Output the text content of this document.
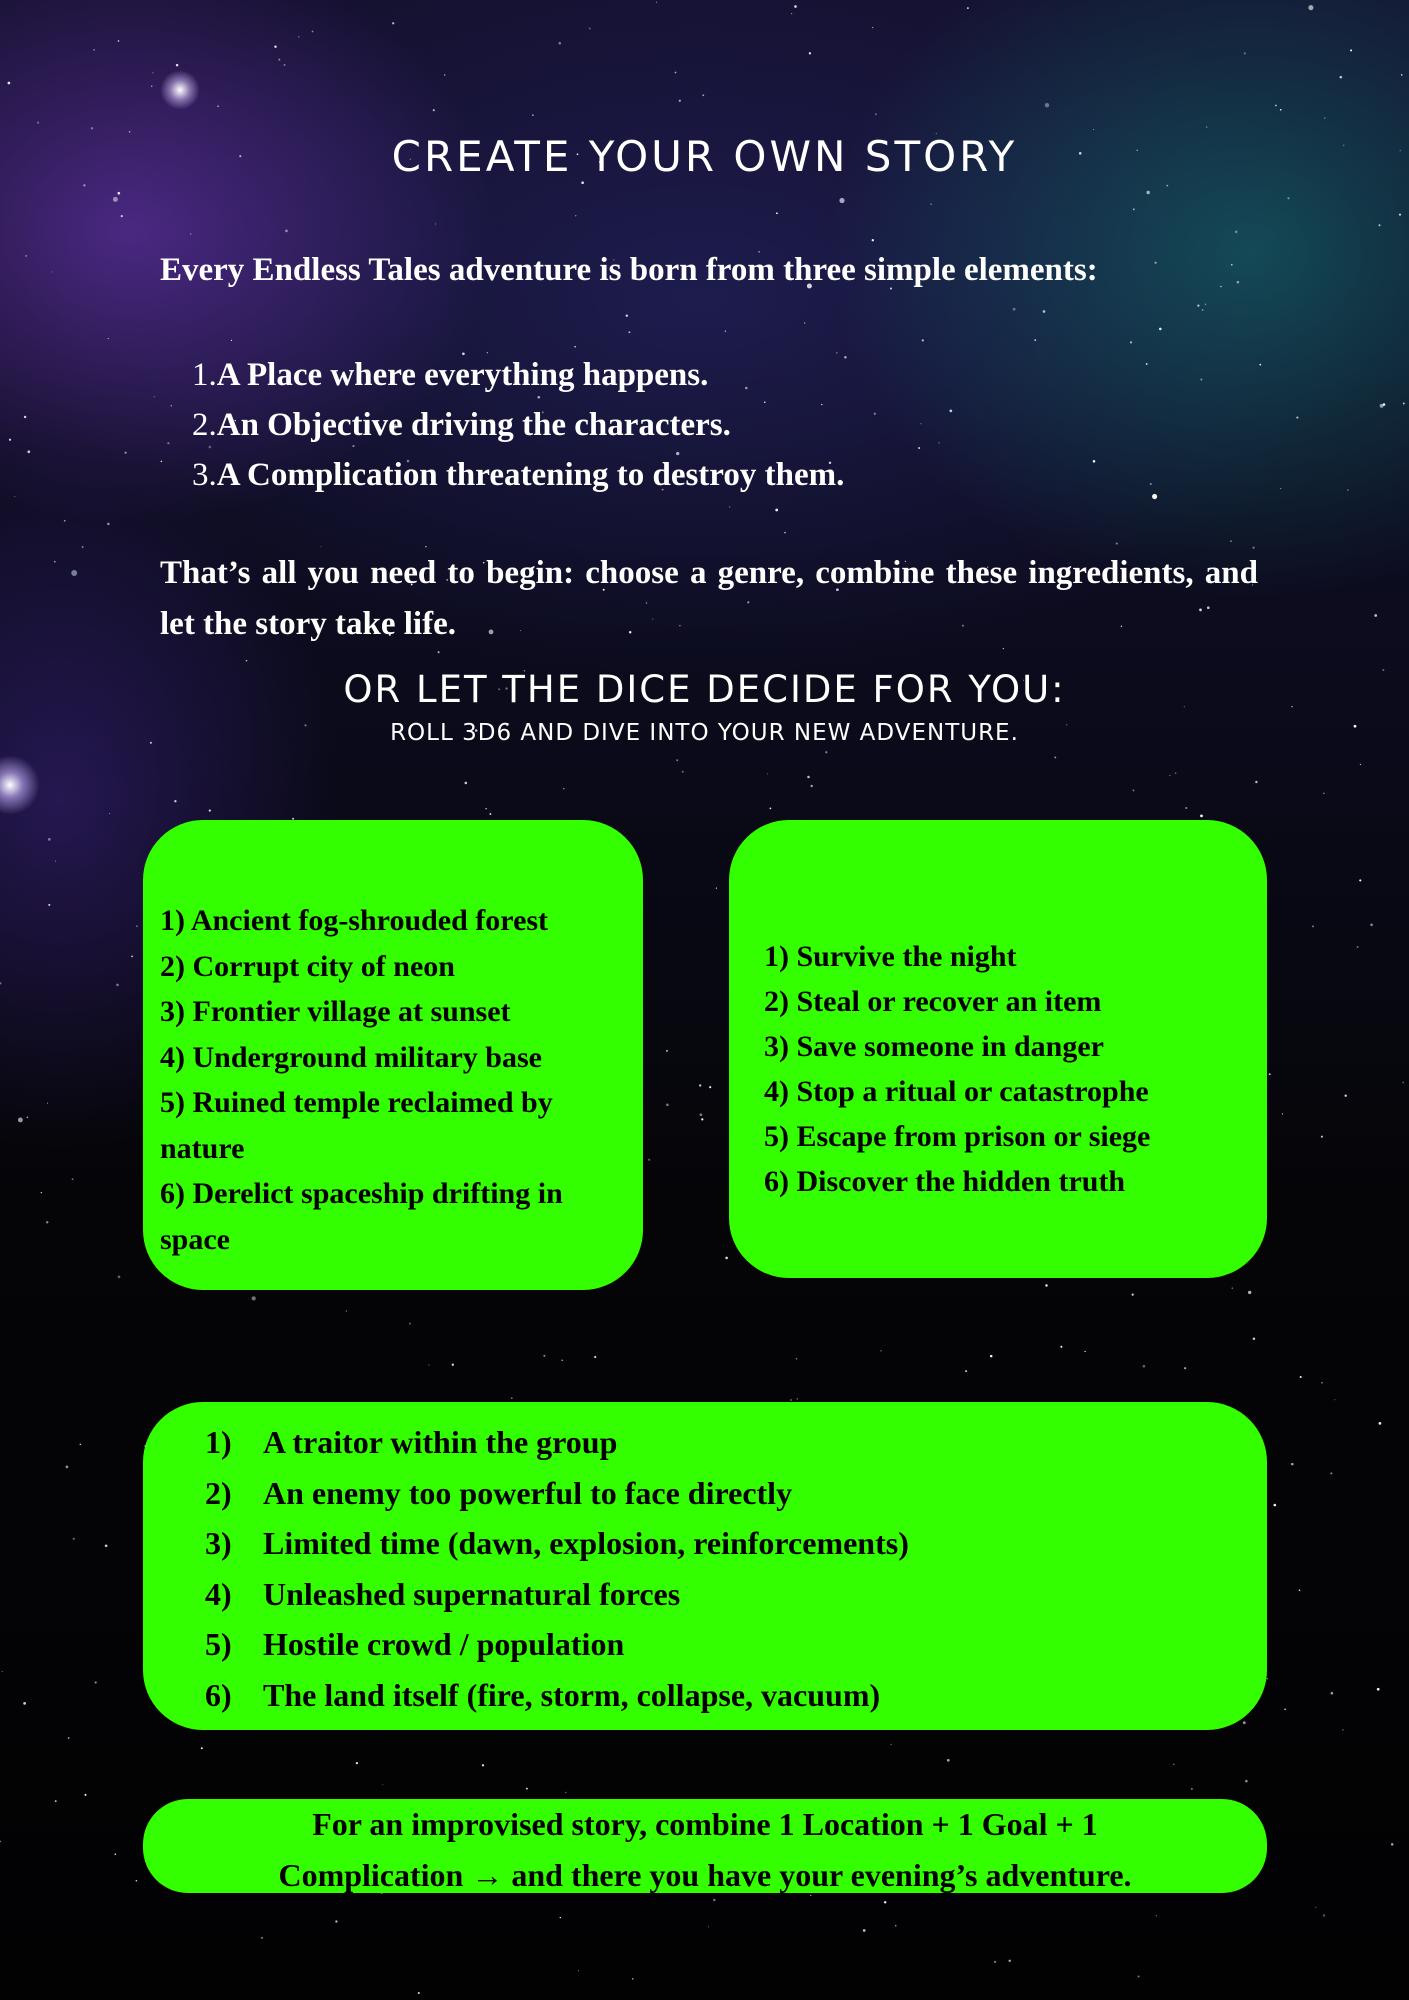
CREATE YOUR OWN STORY
Every Endless Tales adventure is born from three simple elements:
1. A Place where everything happens.
2. An Objective driving the characters.
3. A Complication threatening to destroy them.
That’s all you need to begin: choose a genre, combine these ingredients, and let the story take life.
OR LET THE DICE DECIDE FOR YOU:
ROLL 3D6 AND DIVE INTO YOUR NEW ADVENTURE.
1) Ancient fog-shrouded forest
2) Corrupt city of neon
3) Frontier village at sunset
4) Underground military base
5) Ruined temple reclaimed by nature
6) Derelict spaceship drifting in space
1) Survive the night
2) Steal or recover an item
3) Save someone in danger
4) Stop a ritual or catastrophe
5) Escape from prison or siege
6) Discover the hidden truth
1) A traitor within the group
2) An enemy too powerful to face directly
3) Limited time (dawn, explosion, reinforcements)
4) Unleashed supernatural forces
5) Hostile crowd / population
6) The land itself (fire, storm, collapse, vacuum)
For an improvised story, combine 1 Location + 1 Goal + 1
Complication → and there you have your evening’s adventure.
